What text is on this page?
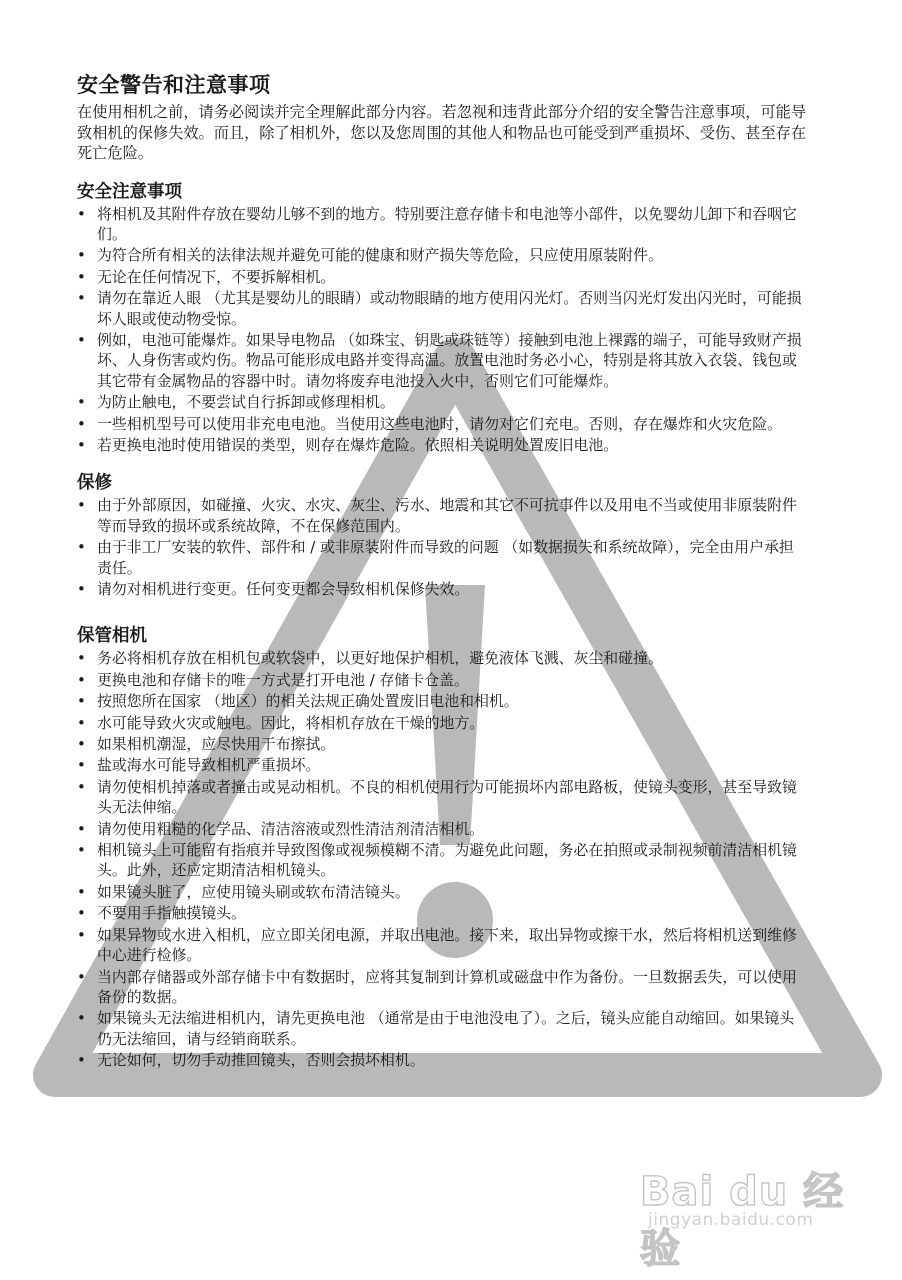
安全警告和注意事项

在使用相机之前，请务必阅读并完全理解此部分内容。若忽视和违背此部分介绍的安全警告注意事项，可能导致相机的保修失效。而且，除了相机外，您以及您周围的其他人和物品也可能受到严重损坏、受伤、甚至存在死亡危险。

安全注意事项
• 将相机及其附件存放在婴幼儿够不到的地方。特别要注意存储卡和电池等小部件，以免婴幼儿卸下和吞咽它们。
• 为符合所有相关的法律法规并避免可能的健康和财产损失等危险，只应使用原装附件。
• 无论在任何情况下，不要拆解相机。
• 请勿在靠近人眼 （尤其是婴幼儿的眼睛）或动物眼睛的地方使用闪光灯。否则当闪光灯发出闪光时，可能损坏人眼或使动物受惊。
• 例如，电池可能爆炸。如果导电物品 （如珠宝、钥匙或珠链等）接触到电池上裸露的端子，可能导致财产损坏、人身伤害或灼伤。物品可能形成电路并变得高温。放置电池时务必小心，特别是将其放入衣袋、钱包或其它带有金属物品的容器中时。请勿将废弃电池投入火中，否则它们可能爆炸。
• 为防止触电，不要尝试自行拆卸或修理相机。
• 一些相机型号可以使用非充电电池。当使用这些电池时，请勿对它们充电。否则，存在爆炸和火灾危险。
• 若更换电池时使用错误的类型，则存在爆炸危险。依照相关说明处置废旧电池。
保修
• 由于外部原因，如碰撞、火灾、水灾、灰尘、污水、地震和其它不可抗事件以及用电不当或使用非原装附件等而导致的损坏或系统故障，不在保修范围内。
• 由于非工厂安装的软件、部件和 / 或非原装附件而导致的问题 （如数据损失和系统故障），完全由用户承担责任。
• 请勿对相机进行变更。任何变更都会导致相机保修失效。
保管相机
• 务必将相机存放在相机包或软袋中，以更好地保护相机，避免液体飞溅、灰尘和碰撞。
• 更换电池和存储卡的唯一方式是打开电池 / 存储卡仓盖。
• 按照您所在国家 （地区）的相关法规正确处置废旧电池和相机。
• 水可能导致火灾或触电。因此，将相机存放在干燥的地方。
• 如果相机潮湿，应尽快用干布擦拭。
• 盐或海水可能导致相机严重损坏。
• 请勿使相机掉落或者撞击或晃动相机。不良的相机使用行为可能损坏内部电路板，使镜头变形，甚至导致镜头无法伸缩。
• 请勿使用粗糙的化学品、清洁溶液或烈性清洁剂清洁相机。
• 相机镜头上可能留有指痕并导致图像或视频模糊不清。为避免此问题，务必在拍照或录制视频前清洁相机镜头。此外，还应定期清洁相机镜头。
• 如果镜头脏了，应使用镜头刷或软布清洁镜头。
• 不要用手指触摸镜头。
• 如果异物或水进入相机，应立即关闭电源，并取出电池。接下来，取出异物或擦干水，然后将相机送到维修中心进行检修。
• 当内部存储器或外部存储卡中有数据时，应将其复制到计算机或磁盘中作为备份。一旦数据丢失，可以使用备份的数据。
• 如果镜头无法缩进相机内，请先更换电池 （通常是由于电池没电了）。之后，镜头应能自动缩回。如果镜头仍无法缩回，请与经销商联系。
• 无论如何，切勿手动推回镜头，否则会损坏相机。
Bai du 经验
jingyan.baidu.com
